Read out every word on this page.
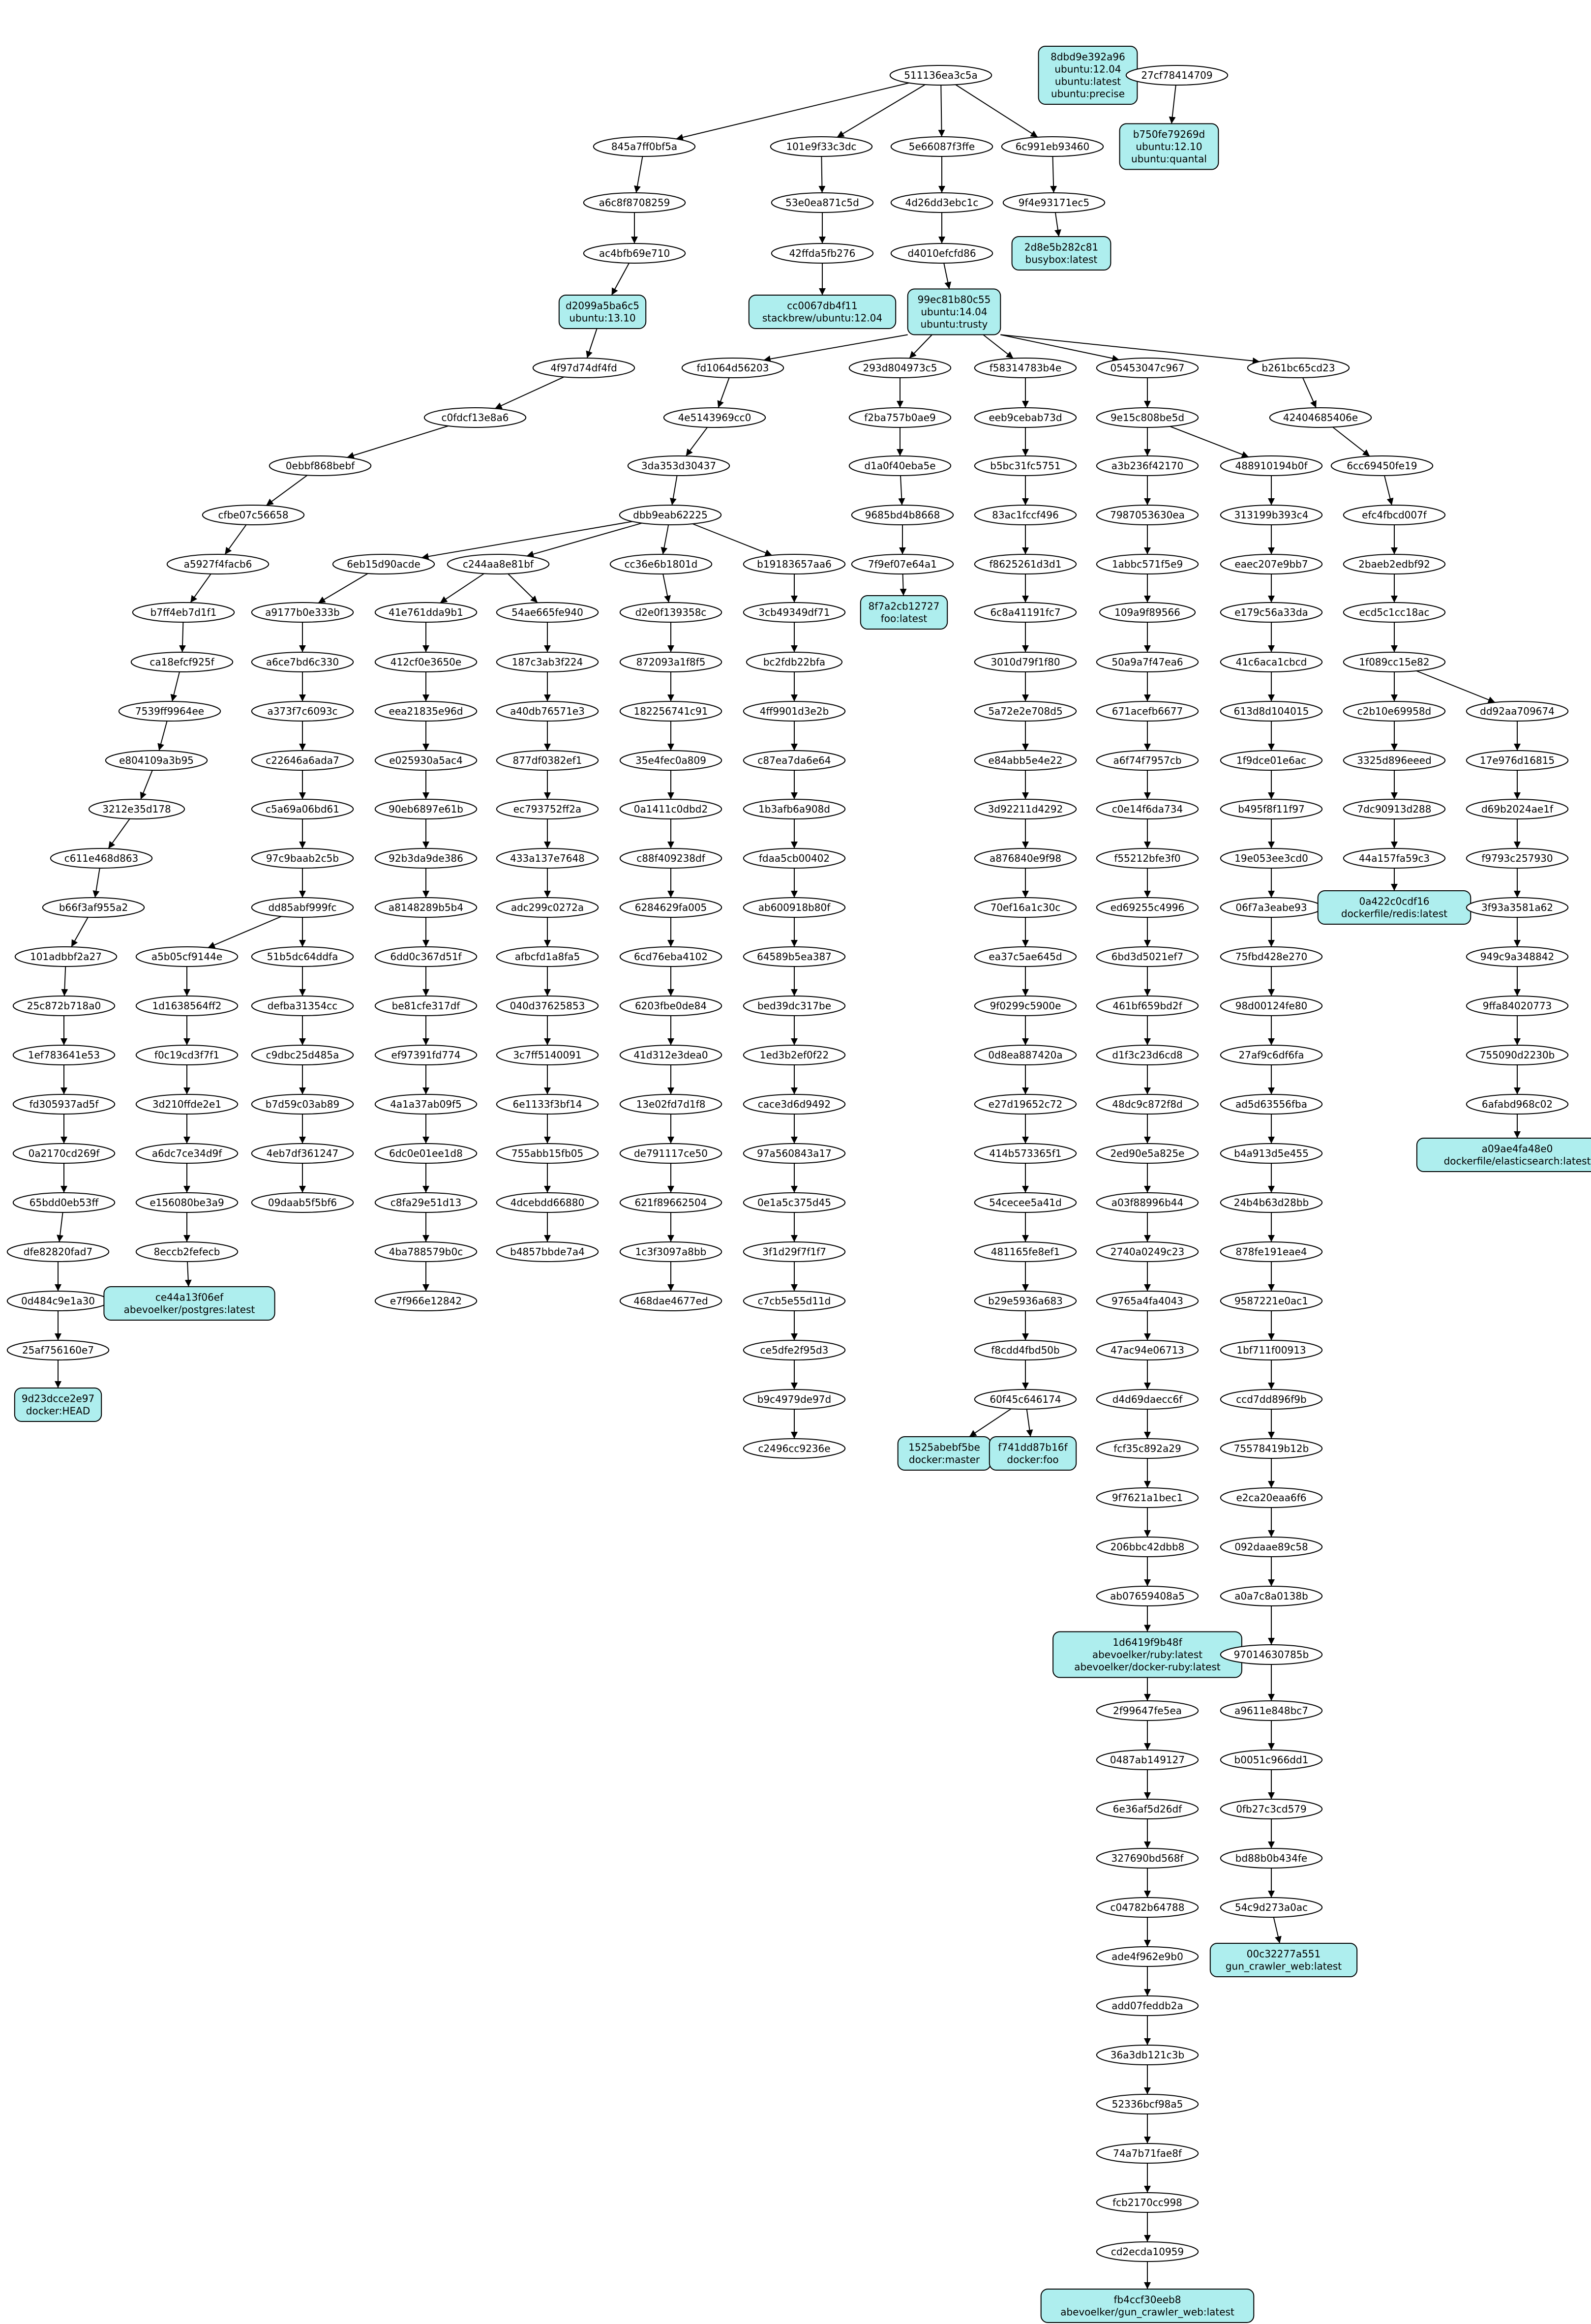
511136ea3c5a
8dbd9e392a96
ubuntu:12.04
ubuntu:latest
ubuntu:precise
27cf78414709
845a7ff0bf5a	101e9f33c3dc	5e66087f3ffe	6c991eb93460
b750fe79269d
ubuntu:12.10
ubuntu:quantal
a6c8f8708259	53e0ea871c5d	4d26dd3ebc1c	9f4e93171ec5
ac4bfb69e710	42ffda5fb276	d4010efcfd86
2d8e5b282c81
busybox:latest
d2099a5ba6c5
ubuntu:13.10
cc0067db4f11
stackbrew/ubuntu:12.04
99ec81b80c55
ubuntu:14.04
ubuntu:trusty
4f97d74df4fd	fd1064d56203	293d804973c5	f58314783b4e	05453047c967	b261bc65cd23
c0fdcf13e8a6	4e5143969cc0	f2ba757b0ae9	eeb9cebab73d	9e15c808be5d	42404685406e
0ebbf868bebf	3da353d30437	d1a0f40eba5e	b5bc31fc5751	a3b236f42170	488910194b0f	6cc69450fe19
cfbe07c56658	dbb9eab62225	9685bd4b8668	83ac1fccf496	7987053630ea	313199b393c4	efc4fbcd007f
a5927f4facb6	6eb15d90acde	c244aa8e81bf	cc36e6b1801d	b19183657aa6	7f9ef07e64a1	f8625261d3d1	1abbc571f5e9	eaec207e9bb7	2baeb2edbf92
b7ff4eb7d1f1	a9177b0e333b	41e761dda9b1	54ae665fe940	d2e0f139358c	3cb49349df71
8f7a2cb12727
foo:latest
6c8a41191fc7	109a9f89566	e179c56a33da	ecd5c1cc18ac
ca18efcf925f	a6ce7bd6c330	412cf0e3650e	187c3ab3f224	872093a1f8f5	bc2fdb22bfa	3010d79f1f80	50a9a7f47ea6	41c6aca1cbcd	1f089cc15e82
7539ff9964ee	a373f7c6093c	eea21835e96d	a40db76571e3	182256741c91	4ff9901d3e2b	5a72e2e708d5	671acefb6677	613d8d104015	c2b10e69958d	dd92aa709674
e804109a3b95	c22646a6ada7	e025930a5ac4	877df0382ef1	35e4fec0a809	c87ea7da6e64	e84abb5e4e22	a6f74f7957cb	1f9dce01e6ac	3325d896eeed	17e976d16815
3212e35d178	c5a69a06bd61	90eb6897e61b	ec793752ff2a	0a1411c0dbd2	1b3afb6a908d	3d92211d4292	c0e14f6da734	b495f8f11f97	7dc90913d288	d69b2024ae1f
c611e468d863	97c9baab2c5b	92b3da9de386	433a137e7648	c88f409238df	fdaa5cb00402	a876840e9f98	f55212bfe3f0	19e053ee3cd0	44a157fa59c3	f9793c257930
b66f3af955a2	dd85abf999fc	a8148289b5b4	adc299c0272a	6284629fa005	ab600918b80f	70ef16a1c30c	ed69255c4996	06f7a3eabe93
0a422c0cdf16
dockerfile/redis:latest
3f93a3581a62
101adbbf2a27	a5b05cf9144e	51b5dc64ddfa	6dd0c367d51f	afbcfd1a8fa5	6cd76eba4102	64589b5ea387	ea37c5ae645d	6bd3d5021ef7	75fbd428e270	949c9a348842
25c872b718a0	1d1638564ff2	defba31354cc	be81cfe317df	040d37625853	6203fbe0de84	bed39dc317be	9f0299c5900e	461bf659bd2f	98d00124fe80	9ffa84020773
1ef783641e53	f0c19cd3f7f1	c9dbc25d485a	ef97391fd774	3c7ff5140091	41d312e3dea0	1ed3b2ef0f22	0d8ea887420a	d1f3c23d6cd8	27af9c6df6fa	755090d2230b
fd305937ad5f	3d210ffde2e1	b7d59c03ab89	4a1a37ab09f5	6e1133f3bf14	13e02fd7d1f8	cace3d6d9492	e27d19652c72	48dc9c872f8d	ad5d63556fba	6afabd968c02
0a2170cd269f	a6dc7ce34d9f	4eb7df361247	6dc0e01ee1d8	755abb15fb05	de791117ce50	97a560843a17	414b573365f1	2ed90e5a825e	b4a913d5e455	a09ae4fa48e0
dockerfile/elasticsearch:latest
65bdd0eb53ff	e156080be3a9	09daab5f5bf6	c8fa29e51d13	4dcebdd66880	621f89662504	0e1a5c375d45	54cecee5a41d	a03f88996b44	24b4b63d28bb
dfe82820fad7	8eccb2fefecb	4ba788579b0c	b4857bbde7a4	1c3f3097a8bb	3f1d29f7f1f7	481165fe8ef1	2740a0249c23	878fe191eae4
0d484c9e1a30	ce44a13f06ef
abevoelker/postgres:latest
e7f966e12842	468dae4677ed	c7cb5e55d11d	b29e5936a683	9765a4fa4043	9587221e0ac1
25af756160e7	ce5dfe2f95d3	f8cdd4fbd50b	47ac94e06713	1bf711f00913
9d23dcce2e97
docker:HEAD
b9c4979de97d	60f45c646174	d4d69daecc6f	ccd7dd896f9b
c2496cc9236e	1525abebf5be
docker:master
f741dd87b16f
docker:foo
fcf35c892a29	75578419b12b
9f7621a1bec1	e2ca20eaa6f6
206bbc42dbb8	092daae89c58
ab07659408a5	a0a7c8a0138b
1d6419f9b48f
abevoelker/ruby:latest
abevoelker/docker-ruby:latest
97014630785b
2f99647fe5ea	a9611e848bc7
0487ab149127	b0051c966dd1
6e36af5d26df	0fb27c3cd579
327690bd568f	bd88b0b434fe
c04782b64788	54c9d273a0ac
ade4f962e9b0	00c32277a551
gun_crawler_web:latest
add07feddb2a
36a3db121c3b
52336bcf98a5
74a7b71fae8f
fcb2170cc998
cd2ecda10959
fb4ccf30eeb8
abevoelker/gun_crawler_web:latest
